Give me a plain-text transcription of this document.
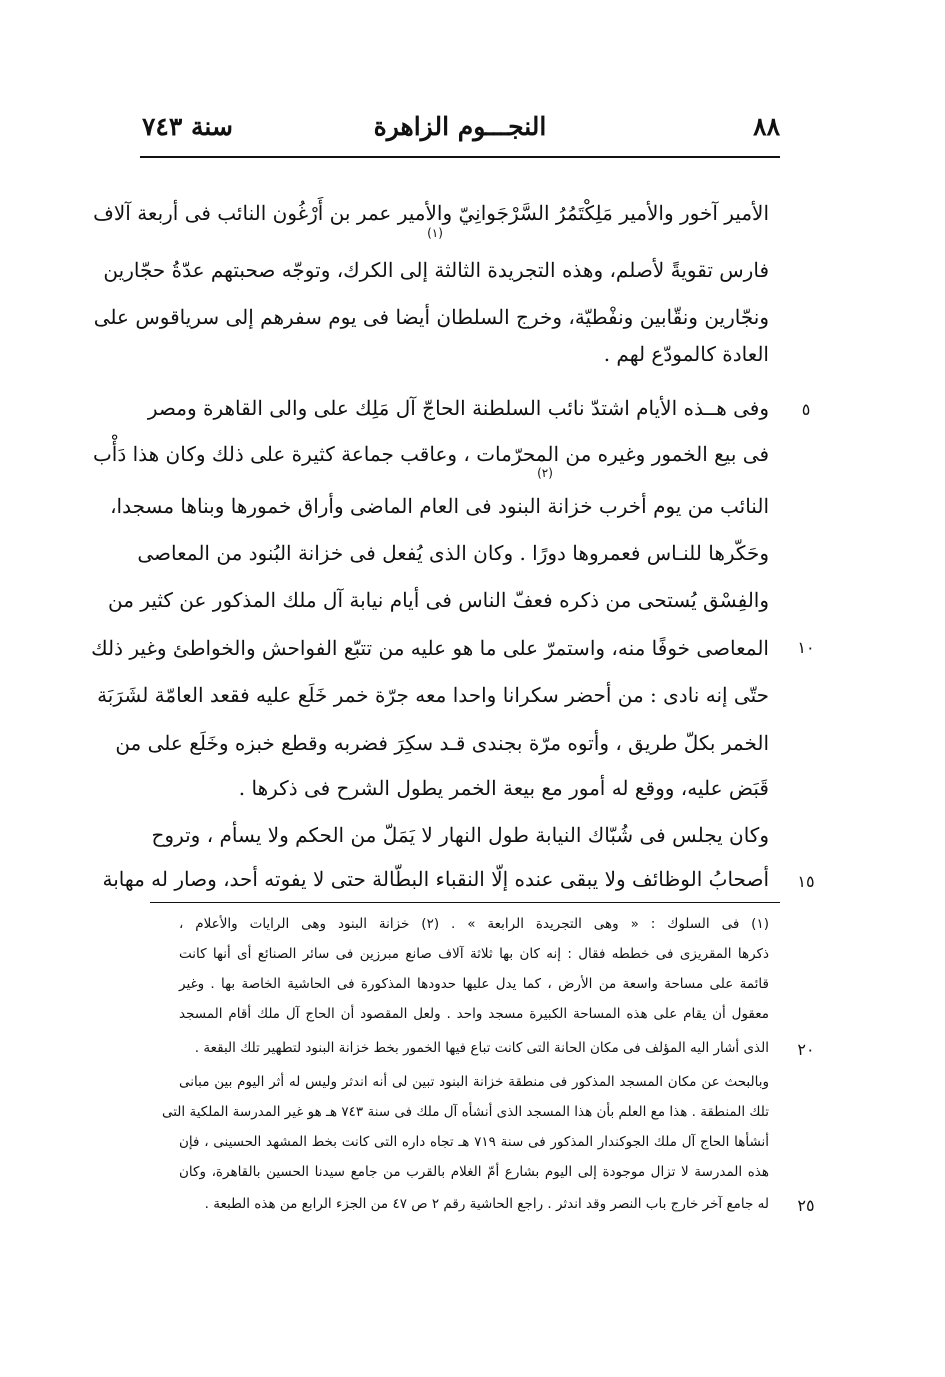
٨٨
النجـــوم الزاهرة
سنة ٧٤٣
الأمير آخور والأمير مَلِكْتَمُرُ السَّرْجَوانِيّ والأمير عمر بن أَرْغُون النائب فى أربعة آلاف
فارس تقويةً لأصلم، وهذه التجريدة الثالثة إلى الكرك، وتوجّه صحبتهم عدّةُ حجّارين
ونجّارين ونقّابين ونفْطيّة، وخرج السلطان أيضا فى يوم سفرهم إلى سرياقوس على
العادة كالمودّع لهم .
وفى هــذه الأيام اشتدّ نائب السلطنة الحاجّ آل مَلِك على والى القاهرة ومصر
فى بيع الخمور وغيره من المحرّمات ، وعاقب جماعة كثيرة على ذلك وكان هذا دَأْب
النائب من يوم أخرب خزانة البنود فى العام الماضى وأراق خمورها وبناها مسجدا،
وحَكّرها للنـاس فعمروها دورًا . وكان الذى يُفعل فى خزانة البُنود من المعاصى
والفِسْق يُستحى من ذكره فعفّ الناس فى أيام نيابة آل ملك المذكور عن كثير من
المعاصى خوفًا منه، واستمرّ على ما هو عليه من تتبّع الفواحش والخواطئ وغير ذلك
حتّى إنه نادى : من أحضر سكرانا واحدا معه جرّة خمر خَلَع عليه فقعد العامّة لشَرَبَة
الخمر بكلّ طريق ، وأتوه مرّة بجندى قـد سكِرَ فضربه وقطع خبزه وخَلَع على من
قَبَض عليه، ووقع له أمور مع بيعة الخمر يطول الشرح فى ذكرها .
وكان يجلس فى شُبّاك النيابة طول النهار لا يَمَلّ من الحكم ولا يسأم ، وتروح
أصحابُ الوظائف ولا يبقى عنده إلّا النقباء البطّالة حتى لا يفوته أحد، وصار له مهابة
(١)
(٢)
٥
١٠
١٥
٢٠
٢٥
(١) فى السلوك : « وهى التجريدة الرابعة » . (٢) خزانة البنود وهى الرايات والأعلام ،
ذكرها المقريزى فى خططه فقال : إنه كان بها ثلاثة آلاف صانع مبرزين فى سائر الصنائع أى أنها كانت
قائمة على مساحة واسعة من الأرض ، كما يدل عليها حدودها المذكورة فى الحاشية الخاصة بها . وغير
معقول أن يقام على هذه المساحة الكبيرة مسجد واحد . ولعل المقصود أن الحاج آل ملك أقام المسجد
الذى أشار اليه المؤلف فى مكان الحانة التى كانت تباع فيها الخمور بخط خزانة البنود لتطهير تلك البقعة .
وبالبحث عن مكان المسجد المذكور فى منطقة خزانة البنود تبين لى أنه اندثر وليس له أثر اليوم بين مبانى
تلك المنطقة . هذا مع العلم بأن هذا المسجد الذى أنشأه آل ملك فى سنة ٧٤٣ هـ هو غير المدرسة الملكية التى
أنشأها الحاج آل ملك الجوكندار المذكور فى سنة ٧١٩ هـ تجاه داره التى كانت بخط المشهد الحسينى ، فإن
هذه المدرسة لا تزال موجودة إلى اليوم بشارع أمّ الغلام بالقرب من جامع سيدنا الحسين بالقاهرة، وكان
له جامع آخر خارج باب النصر وقد اندثر . راجع الحاشية رقم ٢ ص ٤٧ من الجزء الرابع من هذه الطبعة .
